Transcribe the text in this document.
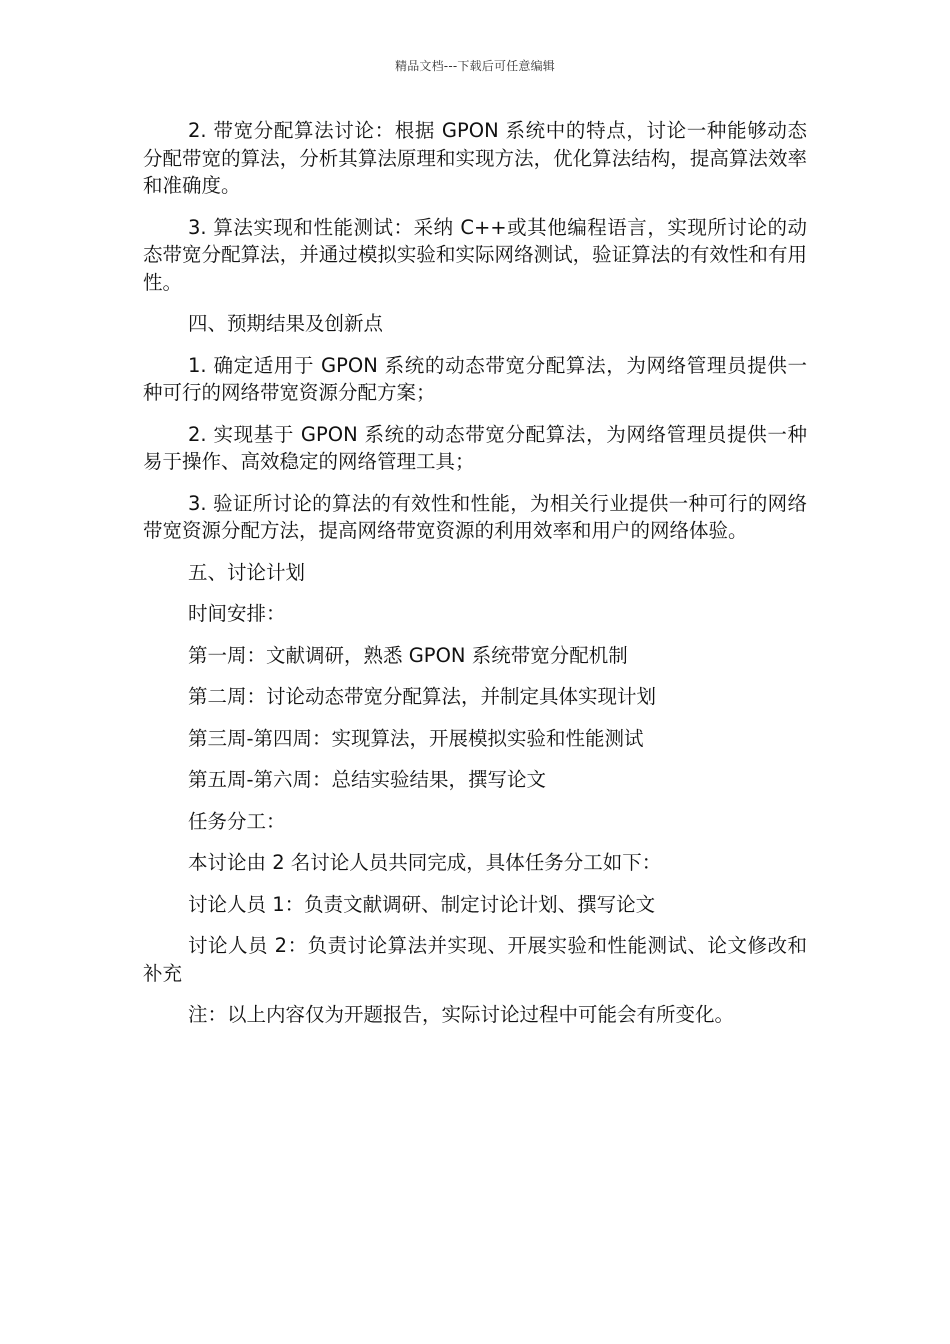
精品文档---下载后可任意编辑

2. 带宽分配算法讨论：根据 GPON 系统中的特点，讨论一种能够动态分配带宽的算法，分析其算法原理和实现方法，优化算法结构，提高算法效率和准确度。

3. 算法实现和性能测试：采纳 C++或其他编程语言，实现所讨论的动态带宽分配算法，并通过模拟实验和实际网络测试，验证算法的有效性和有用性。

四、预期结果及创新点

1. 确定适用于 GPON 系统的动态带宽分配算法，为网络管理员提供一种可行的网络带宽资源分配方案；

2. 实现基于 GPON 系统的动态带宽分配算法，为网络管理员提供一种易于操作、高效稳定的网络管理工具；

3. 验证所讨论的算法的有效性和性能，为相关行业提供一种可行的网络带宽资源分配方法，提高网络带宽资源的利用效率和用户的网络体验。

五、讨论计划

时间安排：

第一周：文献调研，熟悉 GPON 系统带宽分配机制

第二周：讨论动态带宽分配算法，并制定具体实现计划

第三周-第四周：实现算法，开展模拟实验和性能测试

第五周-第六周：总结实验结果，撰写论文

任务分工：

本讨论由 2 名讨论人员共同完成，具体任务分工如下：

讨论人员 1：负责文献调研、制定讨论计划、撰写论文

讨论人员 2：负责讨论算法并实现、开展实验和性能测试、论文修改和补充

注：以上内容仅为开题报告，实际讨论过程中可能会有所变化。
